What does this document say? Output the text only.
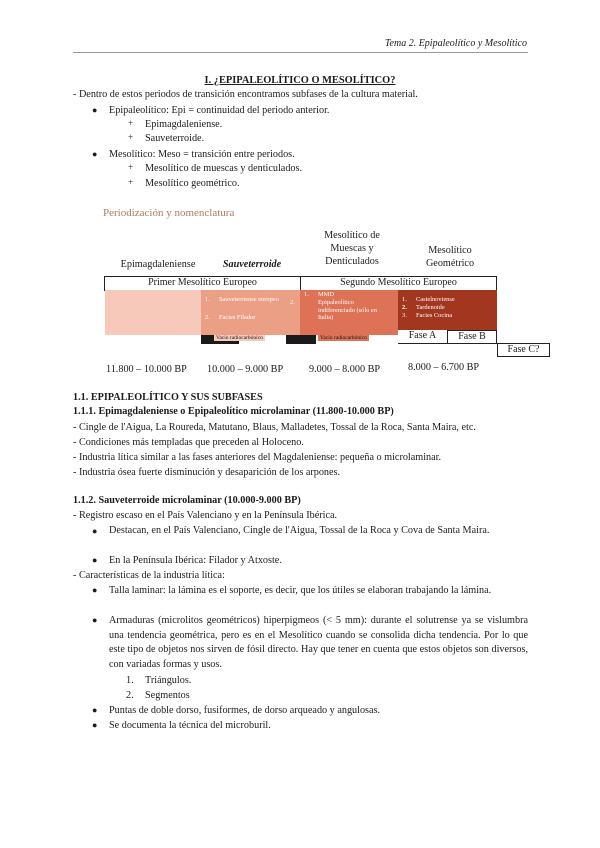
Tema 2. Epipaleolítico y Mesolítico
I. ¿EPIPALEOLÍTICO O MESOLÍTICO?
- Dentro de estos periodos de transición encontramos subfases de la cultura material.
● Epipaleolítico: Epi = continuidad del periodo anterior.
+ Epimagdaleniense.
+ Sauveterroide.
● Mesolítico: Meso = transición entre periodos.
+ Mesolítico de muescas y denticulados.
+ Mesolítico geométrico.
Periodización y nomenclatura
Epimagdaleniense	Sauveterroide
Mesolítico de
Muescas y
Denticulados
Mesolítico
Geométrico
Primer Mesolítico Europeo	Segundo Mesolítico Europeo
1. Sauveterriense europeo
2. Facies Filador
1. MMD
2.	Epipaleolítico indiferenciado (sólo en Italia)
1. Castelnoviense
2. Tardenoide
3. Facies Cocina
Vacío radiocarbónico	Vacío radiocarbónico	Fase A	Fase B
Fase C?
11.800 – 10.000 BP 10.000 – 9.000 BP	9.000 – 8.000 BP	8.000 – 6.700 BP
1.1. EPIPALEOLÍTICO Y SUS SUBFASES
1.1.1. Epimagdaleniense o Epipaleolítico microlaminar (11.800-10.000 BP)
- Cingle de l'Aigua, La Roureda, Matutano, Blaus, Malladetes, Tossal de la Roca, Santa Maira, etc.
- Condiciones más templadas que preceden al Holoceno.
- Industria lítica similar a las fases anteriores del Magdaleniense: pequeña o microlaminar.
- Industria ósea fuerte disminución y desaparición de los arpones.
1.1.2. Sauveterroide microlaminar (10.000-9.000 BP)
- Registro escaso en el País Valenciano y en la Península Ibérica.
● Destacan, en el País Valenciano, Cingle de l'Aigua, Tossal de la Roca y Cova de Santa Maira.
● En la Península Ibérica: Filador y Atxoste.
- Características de la industria lítica:
● Talla laminar: la lámina es el soporte, es decir, que los útiles se elaboran trabajando la lámina.
● Armaduras (microlitos geométricos) hiperpigmeos (< 5 mm): durante el solutrense ya se vislumbra una tendencia geométrica, pero es en el Mesolítico cuando se consolida dicha tendencia. Por lo que este tipo de objetos nos sirven de fósil directo. Hay que tener en cuenta que estos objetos son diversos, con variadas formas y usos.
1. Triángulos.
2. Segmentos
● Puntas de doble dorso, fusiformes, de dorso arqueado y angulosas.
● Se documenta la técnica del microburil.
